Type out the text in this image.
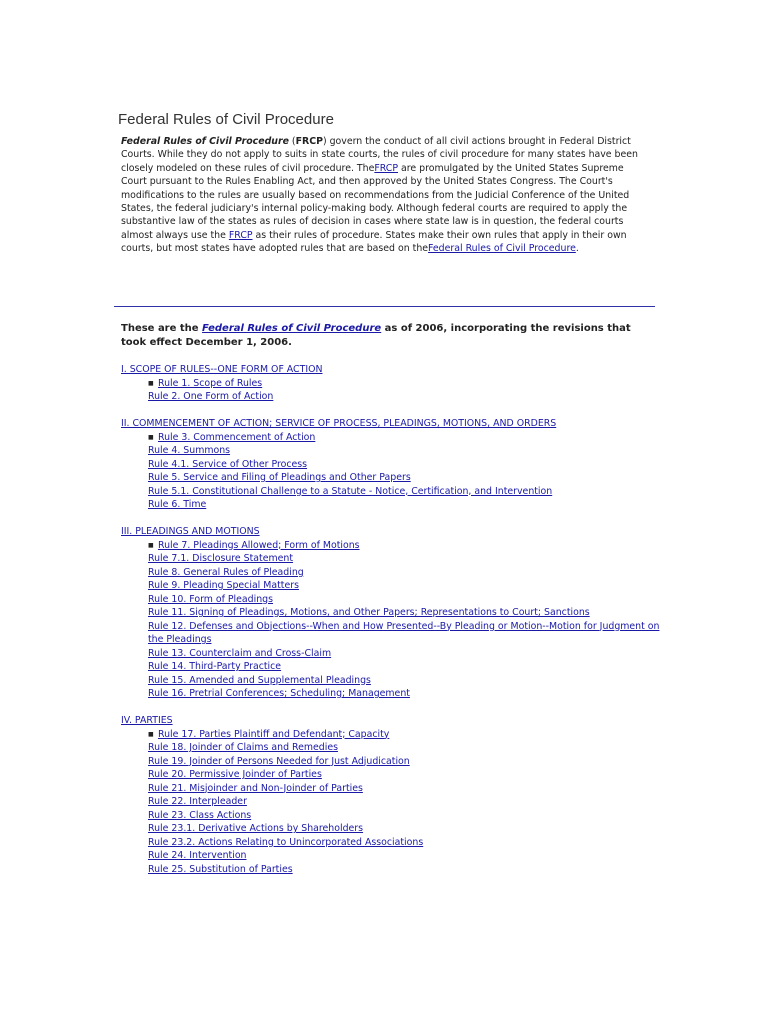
Federal Rules of Civil Procedure
Federal Rules of Civil Procedure (FRCP) govern the conduct of all civil actions brought in Federal District Courts. While they do not apply to suits in state courts, the rules of civil procedure for many states have been closely modeled on these rules of civil procedure. TheFRCP are promulgated by the United States Supreme Court pursuant to the Rules Enabling Act, and then approved by the United States Congress. The Court's modifications to the rules are usually based on recommendations from the Judicial Conference of the United States, the federal judiciary's internal policy-making body. Although federal courts are required to apply the substantive law of the states as rules of decision in cases where state law is in question, the federal courts almost always use the FRCP as their rules of procedure. States make their own rules that apply in their own courts, but most states have adopted rules that are based on theFederal Rules of Civil Procedure.
These are the Federal Rules of Civil Procedure as of 2006, incorporating the revisions that took effect December 1, 2006.
I. SCOPE OF RULES--ONE FORM OF ACTION
■ Rule 1. Scope of Rules
Rule 2. One Form of Action
II. COMMENCEMENT OF ACTION; SERVICE OF PROCESS, PLEADINGS, MOTIONS, AND ORDERS
■ Rule 3. Commencement of Action
Rule 4. Summons
Rule 4.1. Service of Other Process
Rule 5. Service and Filing of Pleadings and Other Papers
Rule 5.1. Constitutional Challenge to a Statute - Notice, Certification, and Intervention
Rule 6. Time
III. PLEADINGS AND MOTIONS
■ Rule 7. Pleadings Allowed; Form of Motions
Rule 7.1. Disclosure Statement
Rule 8. General Rules of Pleading
Rule 9. Pleading Special Matters
Rule 10. Form of Pleadings
Rule 11. Signing of Pleadings, Motions, and Other Papers; Representations to Court; Sanctions
Rule 12. Defenses and Objections--When and How Presented--By Pleading or Motion--Motion for Judgment on the Pleadings
Rule 13. Counterclaim and Cross-Claim
Rule 14. Third-Party Practice
Rule 15. Amended and Supplemental Pleadings
Rule 16. Pretrial Conferences; Scheduling; Management
IV. PARTIES
■ Rule 17. Parties Plaintiff and Defendant; Capacity
Rule 18. Joinder of Claims and Remedies
Rule 19. Joinder of Persons Needed for Just Adjudication
Rule 20. Permissive Joinder of Parties
Rule 21. Misjoinder and Non-Joinder of Parties
Rule 22. Interpleader
Rule 23. Class Actions
Rule 23.1. Derivative Actions by Shareholders
Rule 23.2. Actions Relating to Unincorporated Associations
Rule 24. Intervention
Rule 25. Substitution of Parties
